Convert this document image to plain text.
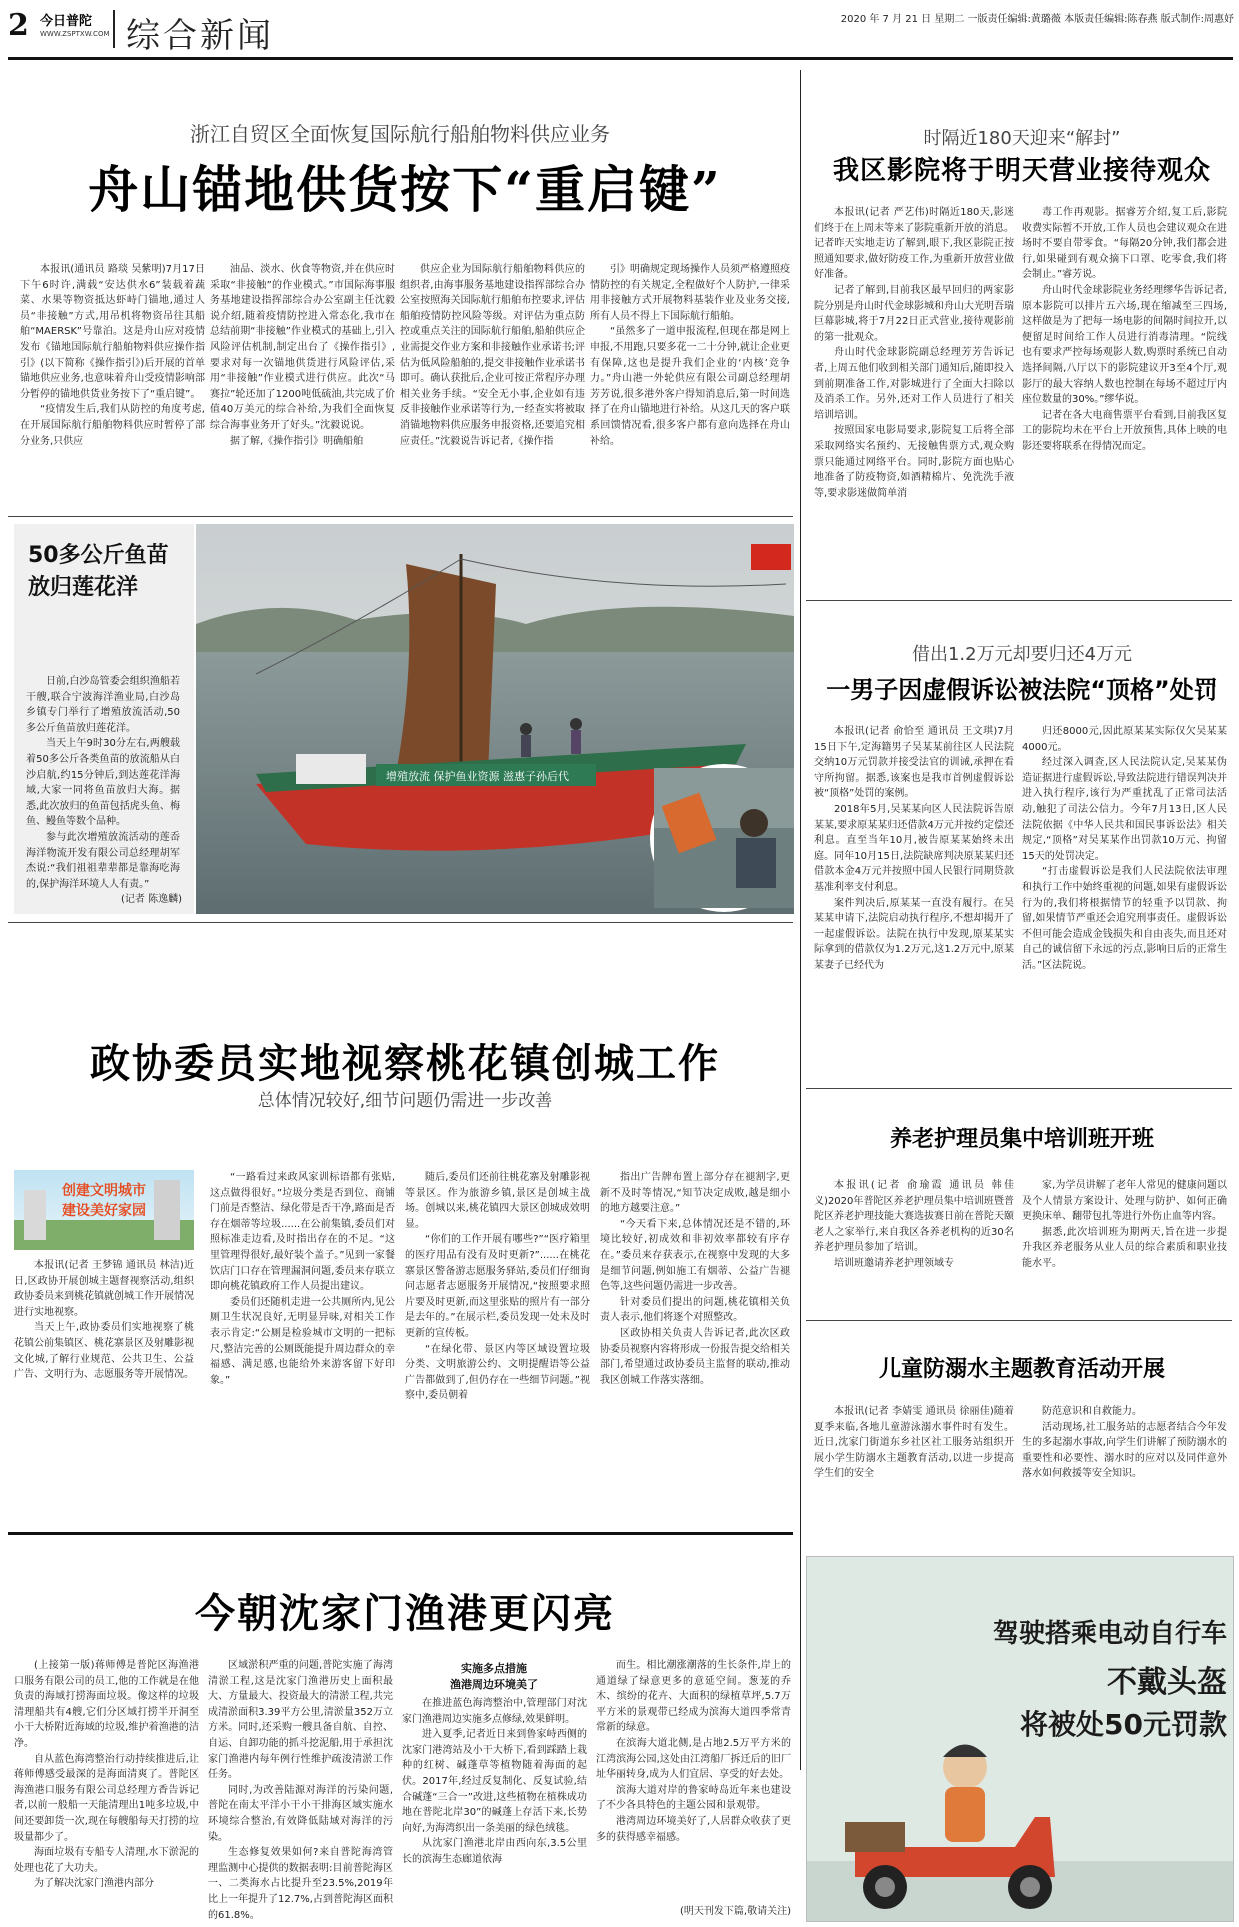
2 今日普陀
WWW.ZSPTXW.COM 综合新闻	2020 年 7 月 21 日 星期二 一版责任编辑:黄璐薇 本版责任编辑:陈春燕 版式制作:周惠妤
浙江自贸区全面恢复国际航行船舶物料供应业务
舟山锚地供货按下“重启键”

本报讯(通讯员 路琰 吴紫明)7月17日下午6时许,满载“安达供水6”装载着蔬菜、水果等物资抵达虾峙门锚地,通过人员“非接触”方式,用吊机将物资吊往其船舶“MAERSK”号靠泊。这是舟山应对疫情发布《锚地国际航行船舶物料供应操作指引》(以下简称《操作指引》)后开展的首单锚地供应业务,也意味着舟山受疫情影响部分暂停的锚地供货业务按下了“重启键”。

“疫情发生后,我们从防控的角度考虑,在开展国际航行船舶物料供应时暂停了部分业务,只供应

油品、淡水、伙食等物资,并在供应时采取“非接触”的作业模式。”市国际海事服务基地建设指挥部综合办公室副主任沈毅说介绍,随着疫情防控进入常态化,我市在总结前期“非接触”作业模式的基础上,引入风险评估机制,制定出台了《操作指引》,要求对每一次锚地供货进行风险评估,采用“非接触”作业模式进行供应。此次“马赛拉”轮还加了1200吨低硫油,共完成了价值40万美元的综合补给,为我们全面恢复综合海事业务开了好头。”沈毅说说。

据了解,《操作指引》明确船舶

供应企业为国际航行船舶物料供应的组织者,由海事服务基地建设指挥部综合办公室按照海关国际航行船舶布控要求,评估船舶疫情防控风险等级。对评估为重点防控或重点关注的国际航行船舶,船舶供应企业需提交作业方案和非接触作业承诺书;评估为低风险船舶的,提交非接触作业承诺书即可。确认获批后,企业可按正常程序办理相关业务手续。“安全无小事,企业如有违反非接触作业承诺等行为,一经查实将被取消锚地物料供应服务申报资格,还要追究相应责任。”沈毅说告诉记者,《操作指

引》明确规定现场操作人员须严格遵照疫情防控的有关规定,全程做好个人防护,一律采用非接触方式开展物料基装作业及业务交接,所有人员不得上下国际航行船舶。

“虽然多了一道申报流程,但现在都是网上申报,不用跑,只要多花一二十分钟,就让企业更有保障,这也是提升我们企业的‘内核’竞争力。”舟山港一外轮供应有限公司副总经理胡芳芳说,很多港外客户得知消息后,第一时间选择了在舟山锚地进行补给。从这几天的客户联系回馈情况看,很多客户都有意向选择在舟山补给。

时隔近180天迎来“解封”
我区影院将于明天营业接待观众

本报讯(记者 严艺伟)时隔近180天,影迷们终于在上周末等来了影院重新开放的消息。记者昨天实地走访了解到,眼下,我区影院正按照通知要求,做好防疫工作,为重新开放营业做好准备。

记者了解到,目前我区最早回归的两家影院分别是舟山时代金球影城和舟山大光明吾瑞巨幕影城,将于7月22日正式营业,接待观影前的第一批观众。

舟山时代金球影院副总经理芳芳告诉记者,上周五他们收到相关部门通知后,随即投入到前期准备工作,对影城进行了全面大扫除以及消杀工作。另外,还对工作人员进行了相关培训培训。

按照国家电影局要求,影院复工后将全部采取网络实名预约、无接触售票方式,观众购票只能通过网络平台。同时,影院方面也贴心地准备了防疫物资,如酒精棉片、免洗洗手液等,要求影迷做简单消

毒工作再观影。据睿芳介绍,复工后,影院收费实际暂不开放,工作人员也会建议观众在进场时不要自带零食。“每隔20分钟,我们都会进行,如果碰到有观众摘下口罩、吃零食,我们将会制止。”睿芳说。

舟山时代金球影院业务经理缪华告诉记者,原本影院可以排片五六场,现在缩减至三四场,这样做是为了把每一场电影的间隔时间拉开,以便留足时间给工作人员进行消毒清理。“院线也有要求严控每场观影人数,购票时系统已自动选择间隔,八厅以下的影院建议开3至4个厅,观影厅的最大容纳人数也控制在每场不超过厅内座位数量的30%。”缪华说。

记者在各大电商售票平台看到,目前我区复工的影院均未在平台上开放预售,具体上映的电影还要将联系在得情况而定。

50多公斤鱼苗
放归莲花洋

日前,白沙岛管委会组织渔船若干艘,联合宁波海洋渔业局,白沙岛乡镇专门举行了增殖放流活动,50多公斤鱼苗放归莲花洋。

当天上午9时30分左右,两艘载着50多公斤各类鱼苗的放流船从白沙启航,约15分钟后,到达莲花洋海域,大家一同将鱼苗放归大海。据悉,此次放归的鱼苗包括虎头鱼、梅鱼、鳗鱼等数个品种。

参与此次增殖放流活动的莲岙海洋物流开发有限公司总经理胡军杰说:“我们祖祖辈辈都是靠海吃海的,保护海洋环境人人有责。”

(记者 陈逸麟)
增殖放流 保护鱼业资源 滋惠子孙后代
借出1.2万元却要归还4万元
一男子因虚假诉讼被法院“顶格”处罚

本报讯(记者 俞恰至 通讯员 王文琪)7月15日下午,定海籍男子吴某某前往区人民法院交纳10万元罚款并接受法官的训诫,承押在看守所拘留。据悉,该案也是我市首例虚假诉讼被“顶格”处罚的案例。

2018年5月,吴某某向区人民法院诉告原某某,要求原某某归还借款4万元并按约定偿还利息。直至当年10月,被告原某某始终未出庭。同年10月15日,法院缺席判决原某某归还借款本金4万元并按照中国人民银行同期贷款基准利率支付利息。

案件判决后,原某某一直没有履行。在吴某某申请下,法院启动执行程序,不想却揭开了一起虚假诉讼。法院在执行中发现,原某某实际拿到的借款仅为1.2万元,这1.2万元中,原某某妻子已经代为

归还8000元,因此原某某实际仅欠吴某某4000元。

经过深入调查,区人民法院认定,吴某某伪造证据进行虚假诉讼,导致法院进行错误判决并进入执行程序,该行为严重扰乱了正常司法活动,触犯了司法公信力。今年7月13日,区人民法院依据《中华人民共和国民事诉讼法》相关规定,“顶格”对吴某某作出罚款10万元、拘留15天的处罚决定。

“打击虚假诉讼是我们人民法院依法审理和执行工作中始终重视的问题,如果有虚假诉讼行为的,我们将根据情节的轻重予以罚款、拘留,如果情节严重还会追究刑事责任。虚假诉讼不但可能会造成金钱损失和自由丧失,而且还对自己的诚信留下永远的污点,影响日后的正常生活。”区法院说。

政协委员实地视察桃花镇创城工作
总体情况较好,细节问题仍需进一步改善
创建文明城市
建设美好家园

本报讯(记者 王梦锦 通讯员 林洁)近日,区政协开展创城主题督视察活动,组织政协委员来到桃花镇就创城工作开展情况进行实地视察。

当天上午,政协委员们实地视察了桃花镇公前集镇区、桃花寨景区及射雕影视文化城,了解行业规范、公共卫生、公益广告、文明行为、志愿服务等开展情况。

“一路看过来政风家训标语都有张贴,这点做得很好。”垃圾分类是否到位、商铺门前是否整洁、绿化带是否干净,路面是否存在烟蒂等垃圾......在公前集镇,委员们对照标准走边看,及时指出存在的不足。“这里管理得很好,最好装个盖子。”见到一家餐饮店门口存在管理漏洞问题,委员来存联立即向桃花镇政府工作人员提出建议。

委员们还随机走进一公共厕所内,见公厕卫生状况良好,无明显异味,对相关工作表示肯定:“公厕是检验城市文明的一把标尺,整洁完善的公厕既能提升周边群众的幸福感、满足感,也能给外来游客留下好印象。”

随后,委员们还前往桃花寨及射雕影视等景区。作为旅游乡镇,景区是创城主战场。创城以来,桃花镇四大景区创城成效明显。

“你们的工作开展有哪些?”“医疗箱里的医疗用品有没有及时更新?”......在桃花寨景区警备游志愿服务驿站,委员们仔细询问志愿者志愿服务开展情况,“按照要求照片要及时更新,而这里张贴的照片有一部分是去年的。”在展示栏,委员发现一处未及时更新的宣传板。

“在绿化带、景区内等区域设置垃圾分类、文明旅游公约、文明提醒语等公益广告都做到了,但仍存在一些细节问题。”视察中,委员朝着

指出广告牌布置上部分存在褪割字,更新不及时等情况,“知节决定成败,越是细小的地方越要注意。”

“今天看下来,总体情况还是不错的,环境比较好,初成效和非初效率都较有序存在。”委员来存获表示,在视察中发现的大多是细节问题,例如施工有烟蒂、公益广告褪色等,这些问题仍需进一步改善。

针对委员们提出的问题,桃花镇相关负责人表示,他们将逐个对照整改。

区政协相关负责人告诉记者,此次区政协委员视察内容将形成一份报告提交给相关部门,希望通过政协委员主监督的联动,推动我区创城工作落实落细。

养老护理员集中培训班开班

本报讯(记者 俞瑜霞 通讯员 韩佳义)2020年普陀区养老护理员集中培训班暨普陀区养老护理技能大赛选拔赛日前在普陀天颐老人之家举行,来自我区各养老机构的近30名养老护理员参加了培训。

培训班邀请养老护理领域专

家,为学员讲解了老年人常见的健康问题以及个人情景方案设计、处理与防护、如何正确更换床单、翻带包扎等进行外伤止血等内容。

据悉,此次培训班为期两天,旨在进一步提升我区养老服务从业人员的综合素质和职业技能水平。

儿童防溺水主题教育活动开展

本报讯(记者 李婧雯 通讯员 徐丽佳)随着夏季来临,各地儿童游泳溺水事件时有发生。近日,沈家门街道东乡社区社工服务站组织开展小学生防溺水主题教育活动,以进一步提高学生们的安全

防范意识和自救能力。

活动现场,社工服务站的志愿者结合今年发生的多起溺水事故,向学生们讲解了预防溺水的重要性和必要性、溺水时的应对以及同伴意外落水如何救援等安全知识。

驾驶搭乘电动自行车
不戴头盔
将被处50元罚款
今朝沈家门渔港更闪亮

(上接第一版)蒋师傅是普陀区海渔港口服务有限公司的员工,他的工作就是在他负责的海域打捞海面垃圾。像这样的垃圾清理船共有4艘,它们分区域打捞半开洞至小干大桥附近海域的垃圾,维护着渔港的洁净。

自从蓝色海湾整治行动持续推进后,让蒋师傅感受最深的是海面清爽了。普陀区海渔港口服务有限公司总经理方香告诉记者,以前一般船一天能清理出1吨多垃圾,中间还要卸货一次,现在每艘船每天打捞的垃圾量都少了。

海面垃圾有专船专人清理,水下淤泥的处理也花了大功夫。

为了解决沈家门渔港内部分

区域淤积严重的问题,普陀实施了海湾清淤工程,这是沈家门渔港历史上面积最大、方量最大、投资最大的清淤工程,共完成清淤面积3.39平方公里,清淤量352万立方米。同时,还采购一艘具备自航、自控、自运、自卸功能的抓斗挖泥船,用于承担沈家门渔港内每年例行性维护疏浚清淤工作任务。

同时,为改善陆源对海洋的污染问题,普陀在南太平洋小干小干排海区域实施水环境综合整治,有效降低陆域对海洋的污染。

生态修复效果如何?来自普陀海湾管理监测中心提供的数据表明:目前普陀海区一、二类海水占比提升至23.5%,2019年比上一年提升了12.7%,占到普陀海区面积的61.8%。

实施多点措施
渔港周边环境美了

在推进蓝色海湾整治中,管理部门对沈家门渔港周边实施多点修绿,效果鲜明。

进入夏季,记者近日来到鲁家峙西侧的沈家门港湾站及小干大桥下,看到踩踏上栽种的红树、碱蓬草等植物随着海面的起伏。2017年,经过反复制化、反复试验,结合碱蓬“三合一”改进,这些植物在植株成功地在普陀北岸30”的碱蓬上存活下来,长势向好,为海湾织出一条美丽的绿色绒毯。

从沈家门渔港北岸由西向东,3.5公里长的滨海生态廊道依海

而生。相比潮涨潮落的生长条件,岸上的通道绿了绿意更多的意延空间。葱茏的乔木、缤纷的花卉、大面积的绿植草坪,5.7万平方米的景观带已经成为滨海大道四季常青常新的绿意。

在滨海大道北侧,是占地2.5万平方米的江湾滨海公园,这处由江湾船厂拆迁后的旧厂址华丽转身,成为人们宜居、享受的好去处。

滨海大道对岸的鲁家峙岛近年来也建设了不少各具特色的主题公园和景观带。

港湾周边环境美好了,人居群众收获了更多的获得感幸福感。

(明天刊发下篇,敬请关注)
